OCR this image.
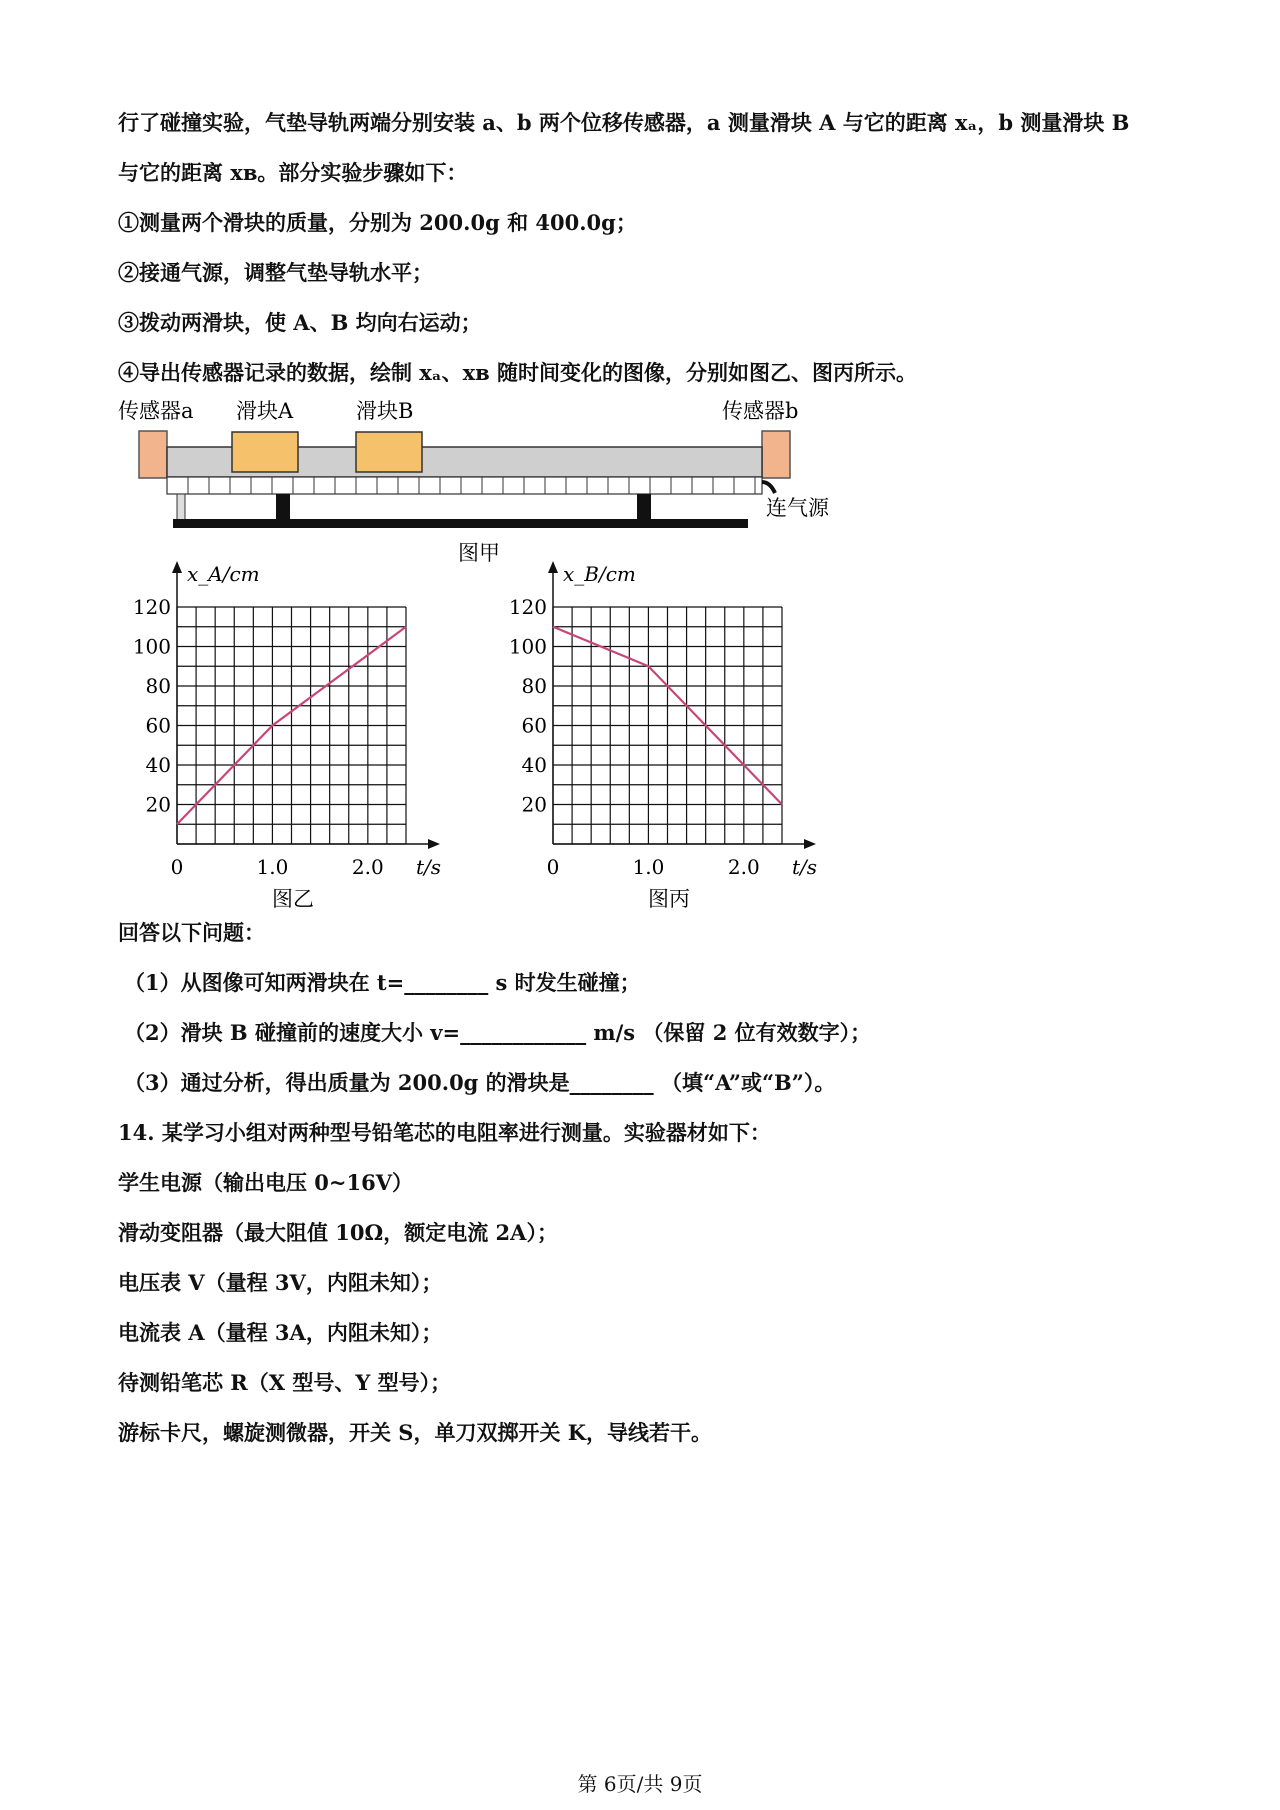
行了碰撞实验，气垫导轨两端分别安装 a、b 两个位移传感器，a 测量滑块 A 与它的距离 xₐ，b 测量滑块 B
与它的距离 xʙ。部分实验步骤如下：
①测量两个滑块的质量，分别为 200.0g 和 400.0g；
②接通气源，调整气垫导轨水平；
③拨动两滑块，使 A、B 均向右运动；
④导出传感器记录的数据，绘制 xₐ、xʙ 随时间变化的图像，分别如图乙、图丙所示。
传感器a 滑块A	滑块B	传感器b
连气源
图甲
20
40
60
80
100
120
0	1.0	2.0
x_A/cm
t/s
图乙
20
40
60
80
100
120
0	1.0	2.0
x_B/cm
t/s
图丙
回答以下问题：
（1）从图像可知两滑块在 t=________ s 时发生碰撞；
（2）滑块 B 碰撞前的速度大小 v=____________ m/s （保留 2 位有效数字）；
（3）通过分析，得出质量为 200.0g 的滑块是________ （填“A”或“B”）。
14. 某学习小组对两种型号铅笔芯的电阻率进行测量。实验器材如下：
学生电源（输出电压 0~16V）
滑动变阻器（最大阻值 10Ω，额定电流 2A）；
电压表 V（量程 3V，内阻未知）；
电流表 A（量程 3A，内阻未知）；
待测铅笔芯 R（X 型号、Y 型号）；
游标卡尺，螺旋测微器，开关 S，单刀双掷开关 K，导线若干。
第 6页/共 9页
